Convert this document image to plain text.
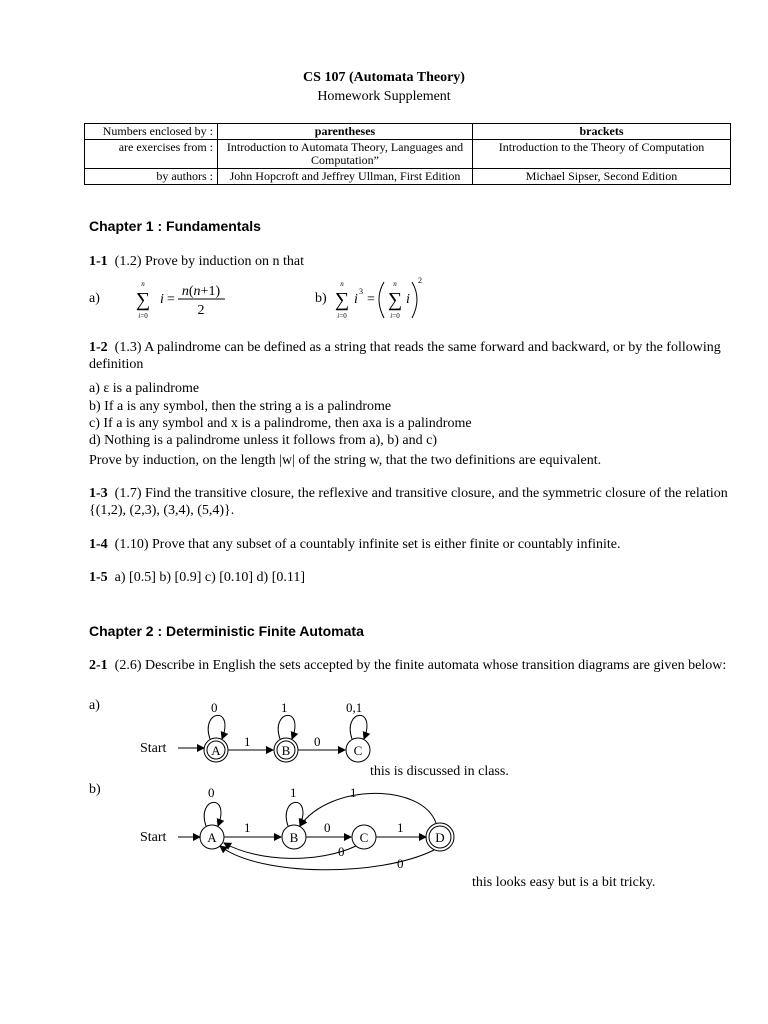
CS 107 (Automata Theory)
Homework Supplement
Numbers enclosed by :	parentheses	brackets
are exercises from :	Introduction to Automata Theory, Languages and Computation”	Introduction to the Theory of Computation
by authors :	John Hopcroft and Jeffrey Ullman, First Edition	Michael Sipser, Second Edition
Chapter 1 : Fundamentals
1-1 (1.2) Prove by induction on n that
a)
n
∑
i=0
i =
n(n+1)
2
b)
n
∑
i=0
i
3
=
n
∑
i=0
i
2
1-2 (1.3) A palindrome can be defined as a string that reads the same forward and backward, or by the following definition
a) ε is a palindrome
b) If a is any symbol, then the string a is a palindrome
c) If a is any symbol and x is a palindrome, then axa is a palindrome
d) Nothing is a palindrome unless it follows from a), b) and c)
Prove by induction, on the length |w| of the string w, that the two definitions are equivalent.
1-3 (1.7) Find the transitive closure, the reflexive and transitive closure, and the symmetric closure of the relation {(1,2), (2,3), (3,4), (5,4)}.
1-4 (1.10) Prove that any subset of a countably infinite set is either finite or countably infinite.
1-5 a) [0.5] b) [0.9] c) [0.10] d) [0.11]
Chapter 2 : Deterministic Finite Automata
2-1 (2.6) Describe in English the sets accepted by the finite automata whose transition diagrams are given below:
a)
Start
this is discussed in class.
A
0
1
B
1
0
C
0,1
b)
Start
this looks easy but is a bit tricky.
A
0
1
B
1
0
C
1
D
1
0
0
